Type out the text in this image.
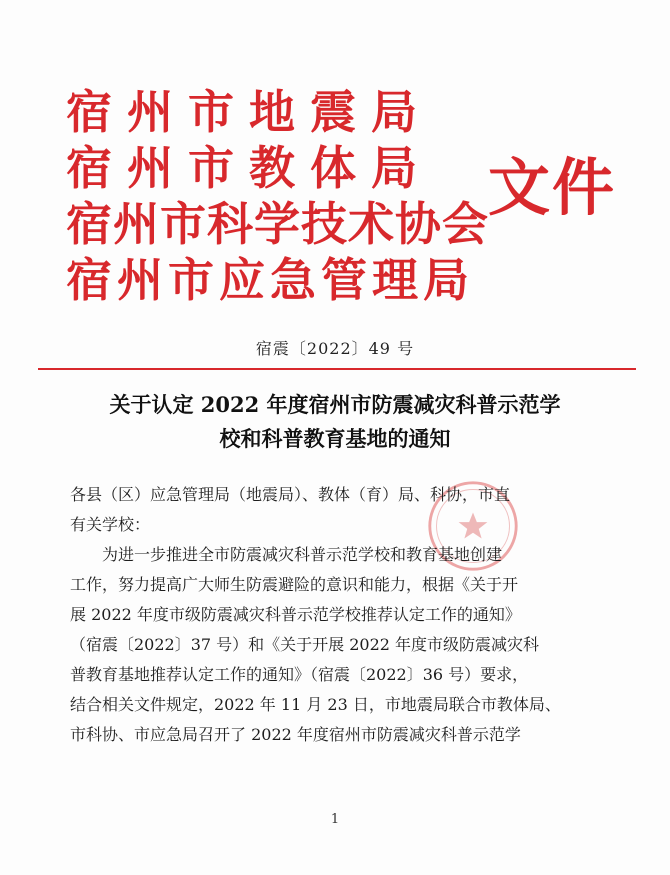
宿州市地震局
宿州市教体局
宿州市科学技术协会
宿州市应急管理局
文件
宿震〔2022〕49 号
关于认定 2022 年度宿州市防震减灾科普示范学
校和科普教育基地的通知
各县（区）应急管理局（地震局）、教体（育）局、科协，市直
有关学校：
为进一步推进全市防震减灾科普示范学校和教育基地创建
工作，努力提高广大师生防震避险的意识和能力，根据《关于开
展 2022 年度市级防震减灾科普示范学校推荐认定工作的通知》
（宿震〔2022〕37 号）和《关于开展 2022 年度市级防震减灾科
普教育基地推荐认定工作的通知》（宿震〔2022〕36 号）要求，
结合相关文件规定，2022 年 11 月 23 日，市地震局联合市教体局、
市科协、市应急局召开了 2022 年度宿州市防震减灾科普示范学
1
